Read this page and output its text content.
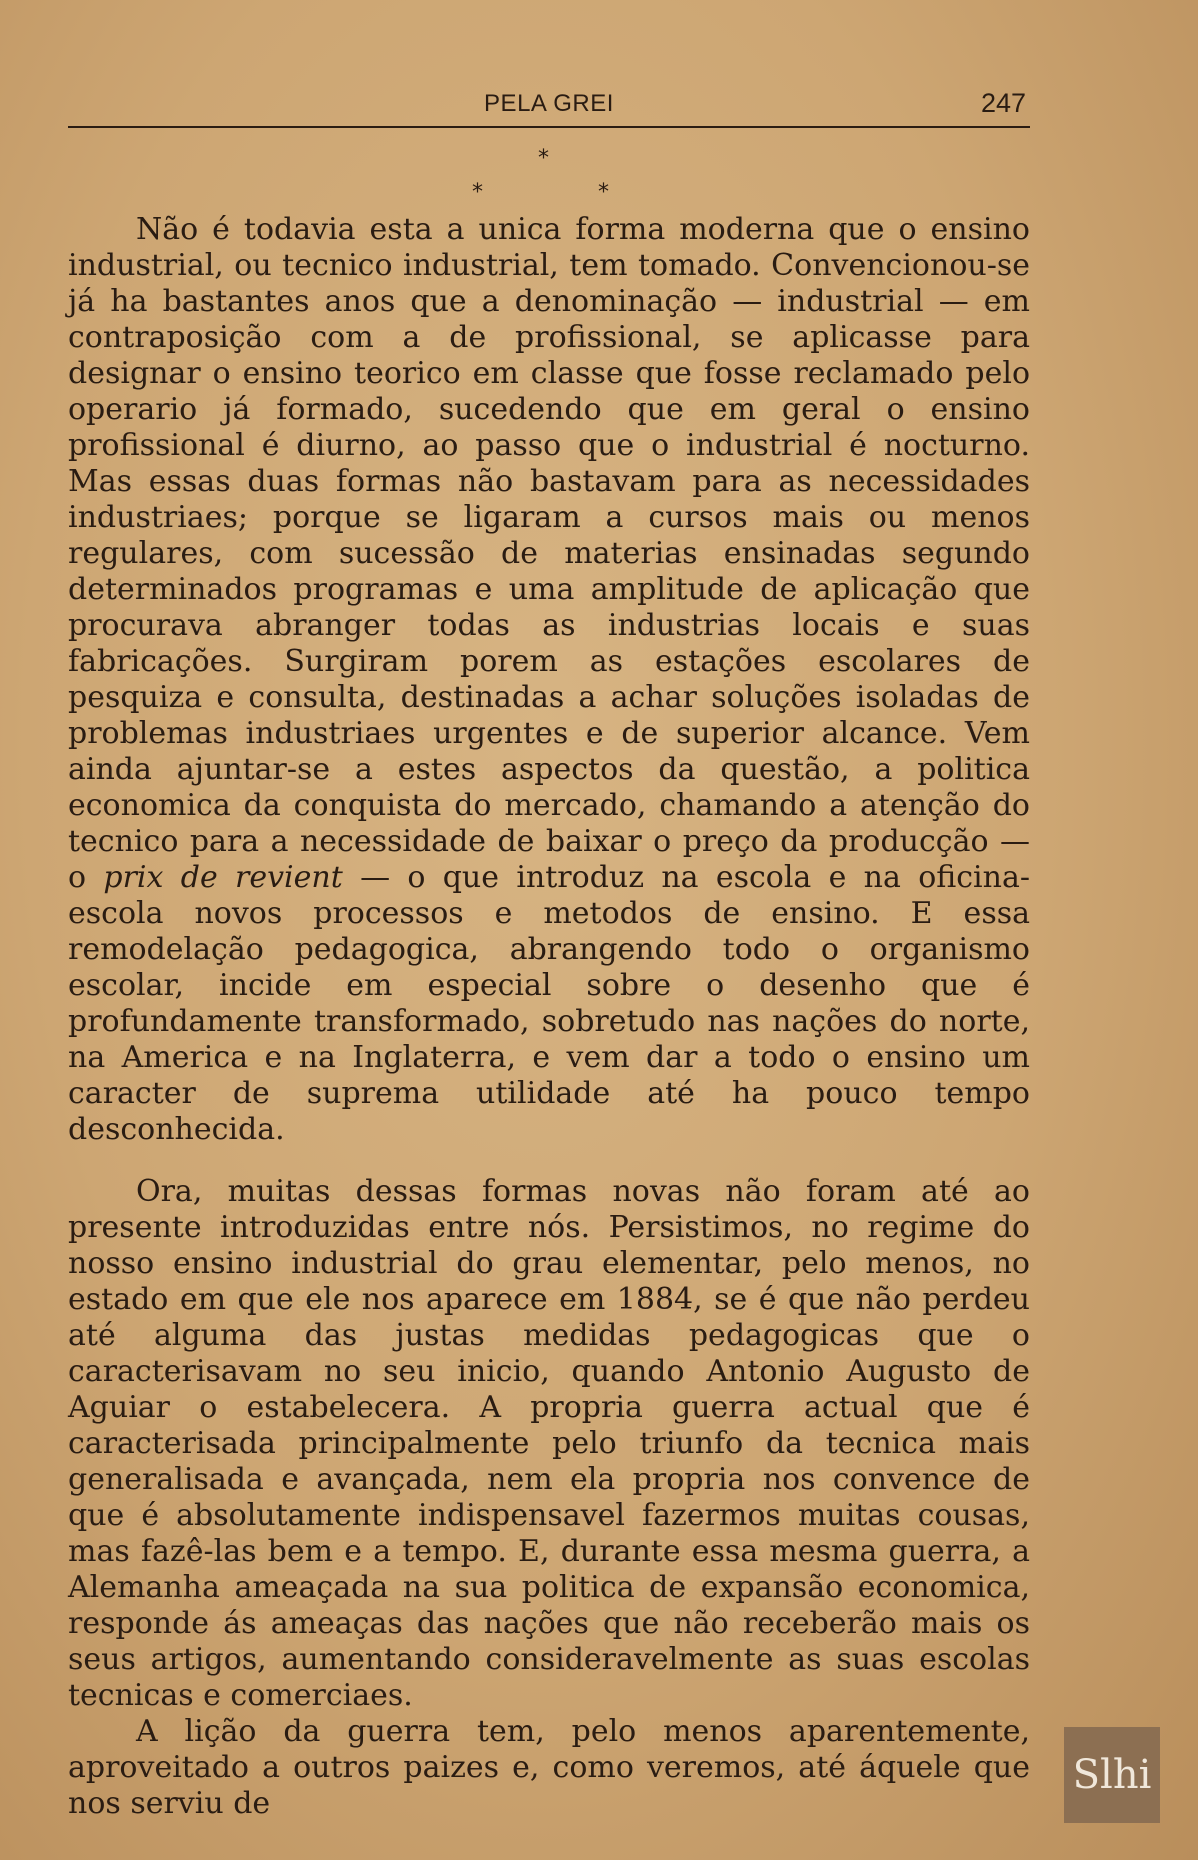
PELA GREI	247
*
*	*

Não é todavia esta a unica forma moderna que o ensino industrial, ou tecnico industrial, tem tomado. Convencionou-se já ha bastantes anos que a denominação — industrial — em contraposição com a de profissional, se aplicasse para designar o ensino teorico em classe que fosse reclamado pelo operario já formado, sucedendo que em geral o ensino profissional é diurno, ao passo que o industrial é nocturno. Mas essas duas formas não bastavam para as necessidades industriaes; porque se ligaram a cursos mais ou menos regulares, com sucessão de materias ensinadas segundo determinados programas e uma amplitude de aplicação que procurava abranger todas as industrias locais e suas fabricações. Surgiram porem as estações escolares de pesquiza e consulta, destinadas a achar soluções isoladas de problemas industriaes urgentes e de superior alcance. Vem ainda ajuntar-se a estes aspectos da questão, a politica economica da conquista do mercado, chamando a atenção do tecnico para a necessidade de baixar o preço da producção — o prix de revient — o que introduz na escola e na oficina-escola novos processos e metodos de ensino. E essa remodelação pedagogica, abrangendo todo o organismo escolar, incide em especial sobre o desenho que é profundamente transformado, sobretudo nas nações do norte, na America e na Inglaterra, e vem dar a todo o ensino um caracter de suprema utilidade até ha pouco tempo desconhecida.

Ora, muitas dessas formas novas não foram até ao presente introduzidas entre nós. Persistimos, no regime do nosso ensino industrial do grau elementar, pelo menos, no estado em que ele nos aparece em 1884, se é que não perdeu até alguma das justas medidas pedagogicas que o caracterisavam no seu inicio, quando Antonio Augusto de Aguiar o estabelecera. A propria guerra actual que é caracterisada principalmente pelo triunfo da tecnica mais generalisada e avançada, nem ela propria nos convence de que é absolutamente indispensavel fazermos muitas cousas, mas fazê-las bem e a tempo. E, durante essa mesma guerra, a Alemanha ameaçada na sua politica de expansão economica, responde ás ameaças das nações que não receberão mais os seus artigos, aumentando consideravelmente as suas escolas tecnicas e comerciaes.

A lição da guerra tem, pelo menos aparentemente, aproveitado a outros paizes e, como veremos, até áquele que nos serviu de

Slhi
